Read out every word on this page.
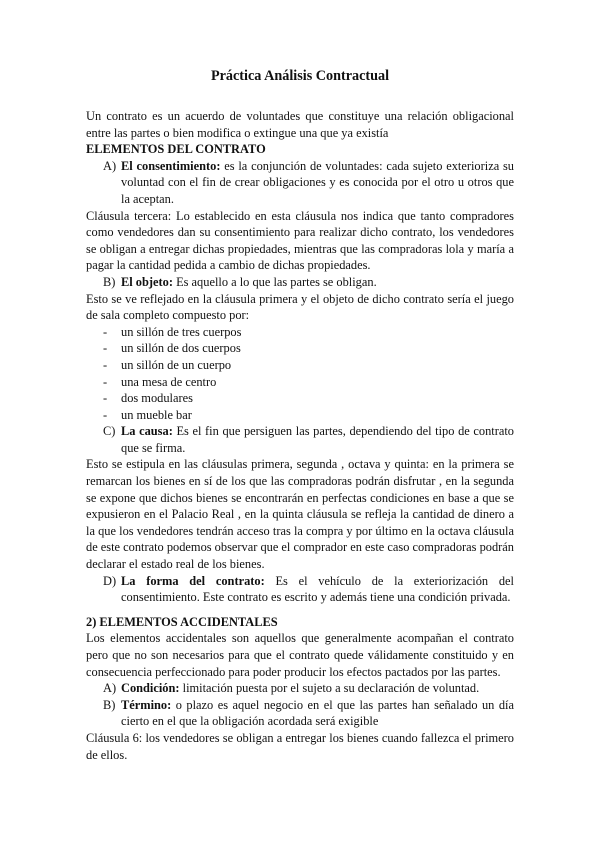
Práctica Análisis Contractual

Un contrato es un acuerdo de voluntades que constituye una relación obligacional entre las partes o bien modifica o extingue una que ya existía

ELEMENTOS DEL CONTRATO

A) El consentimiento: es la conjunción de voluntades: cada sujeto exterioriza su voluntad con el fin de crear obligaciones y es conocida por el otro u otros que la aceptan.

Cláusula tercera: Lo establecido en esta cláusula nos indica que tanto compradores como vendedores dan su consentimiento para realizar dicho contrato, los vendedores se obligan a entregar dichas propiedades, mientras que las compradoras lola y maría a pagar la cantidad pedida a cambio de dichas propiedades.

B) El objeto: Es aquello a lo que las partes se obligan.

Esto se ve reflejado en la cláusula primera y el objeto de dicho contrato sería el juego de sala completo compuesto por:

- un sillón de tres cuerpos
- un sillón de dos cuerpos
- un sillón de un cuerpo
- una mesa de centro
- dos modulares
- un mueble bar
C) La causa: Es el fin que persiguen las partes, dependiendo del tipo de contrato que se firma.

Esto se estipula en las cláusulas primera, segunda , octava y quinta: en la primera se remarcan los bienes en sí de los que las compradoras podrán disfrutar , en la segunda se expone que dichos bienes se encontrarán en perfectas condiciones en base a que se expusieron en el Palacio Real , en la quinta cláusula se refleja la cantidad de dinero a la que los vendedores tendrán acceso tras la compra y por último en la octava cláusula de este contrato podemos observar que el comprador en este caso compradoras podrán declarar el estado real de los bienes.

D) La forma del contrato: Es el vehículo de la exteriorización del consentimiento. Este contrato es escrito y además tiene una condición privada.

2) ELEMENTOS ACCIDENTALES

Los elementos accidentales son aquellos que generalmente acompañan el contrato pero que no son necesarios para que el contrato quede válidamente constituido y en consecuencia perfeccionado para poder producir los efectos pactados por las partes.

A) Condición: limitación puesta por el sujeto a su declaración de voluntad.
B) Término: o plazo es aquel negocio en el que las partes han señalado un día cierto en el que la obligación acordada será exigible

Cláusula 6: los vendedores se obligan a entregar los bienes cuando fallezca el primero de ellos.
